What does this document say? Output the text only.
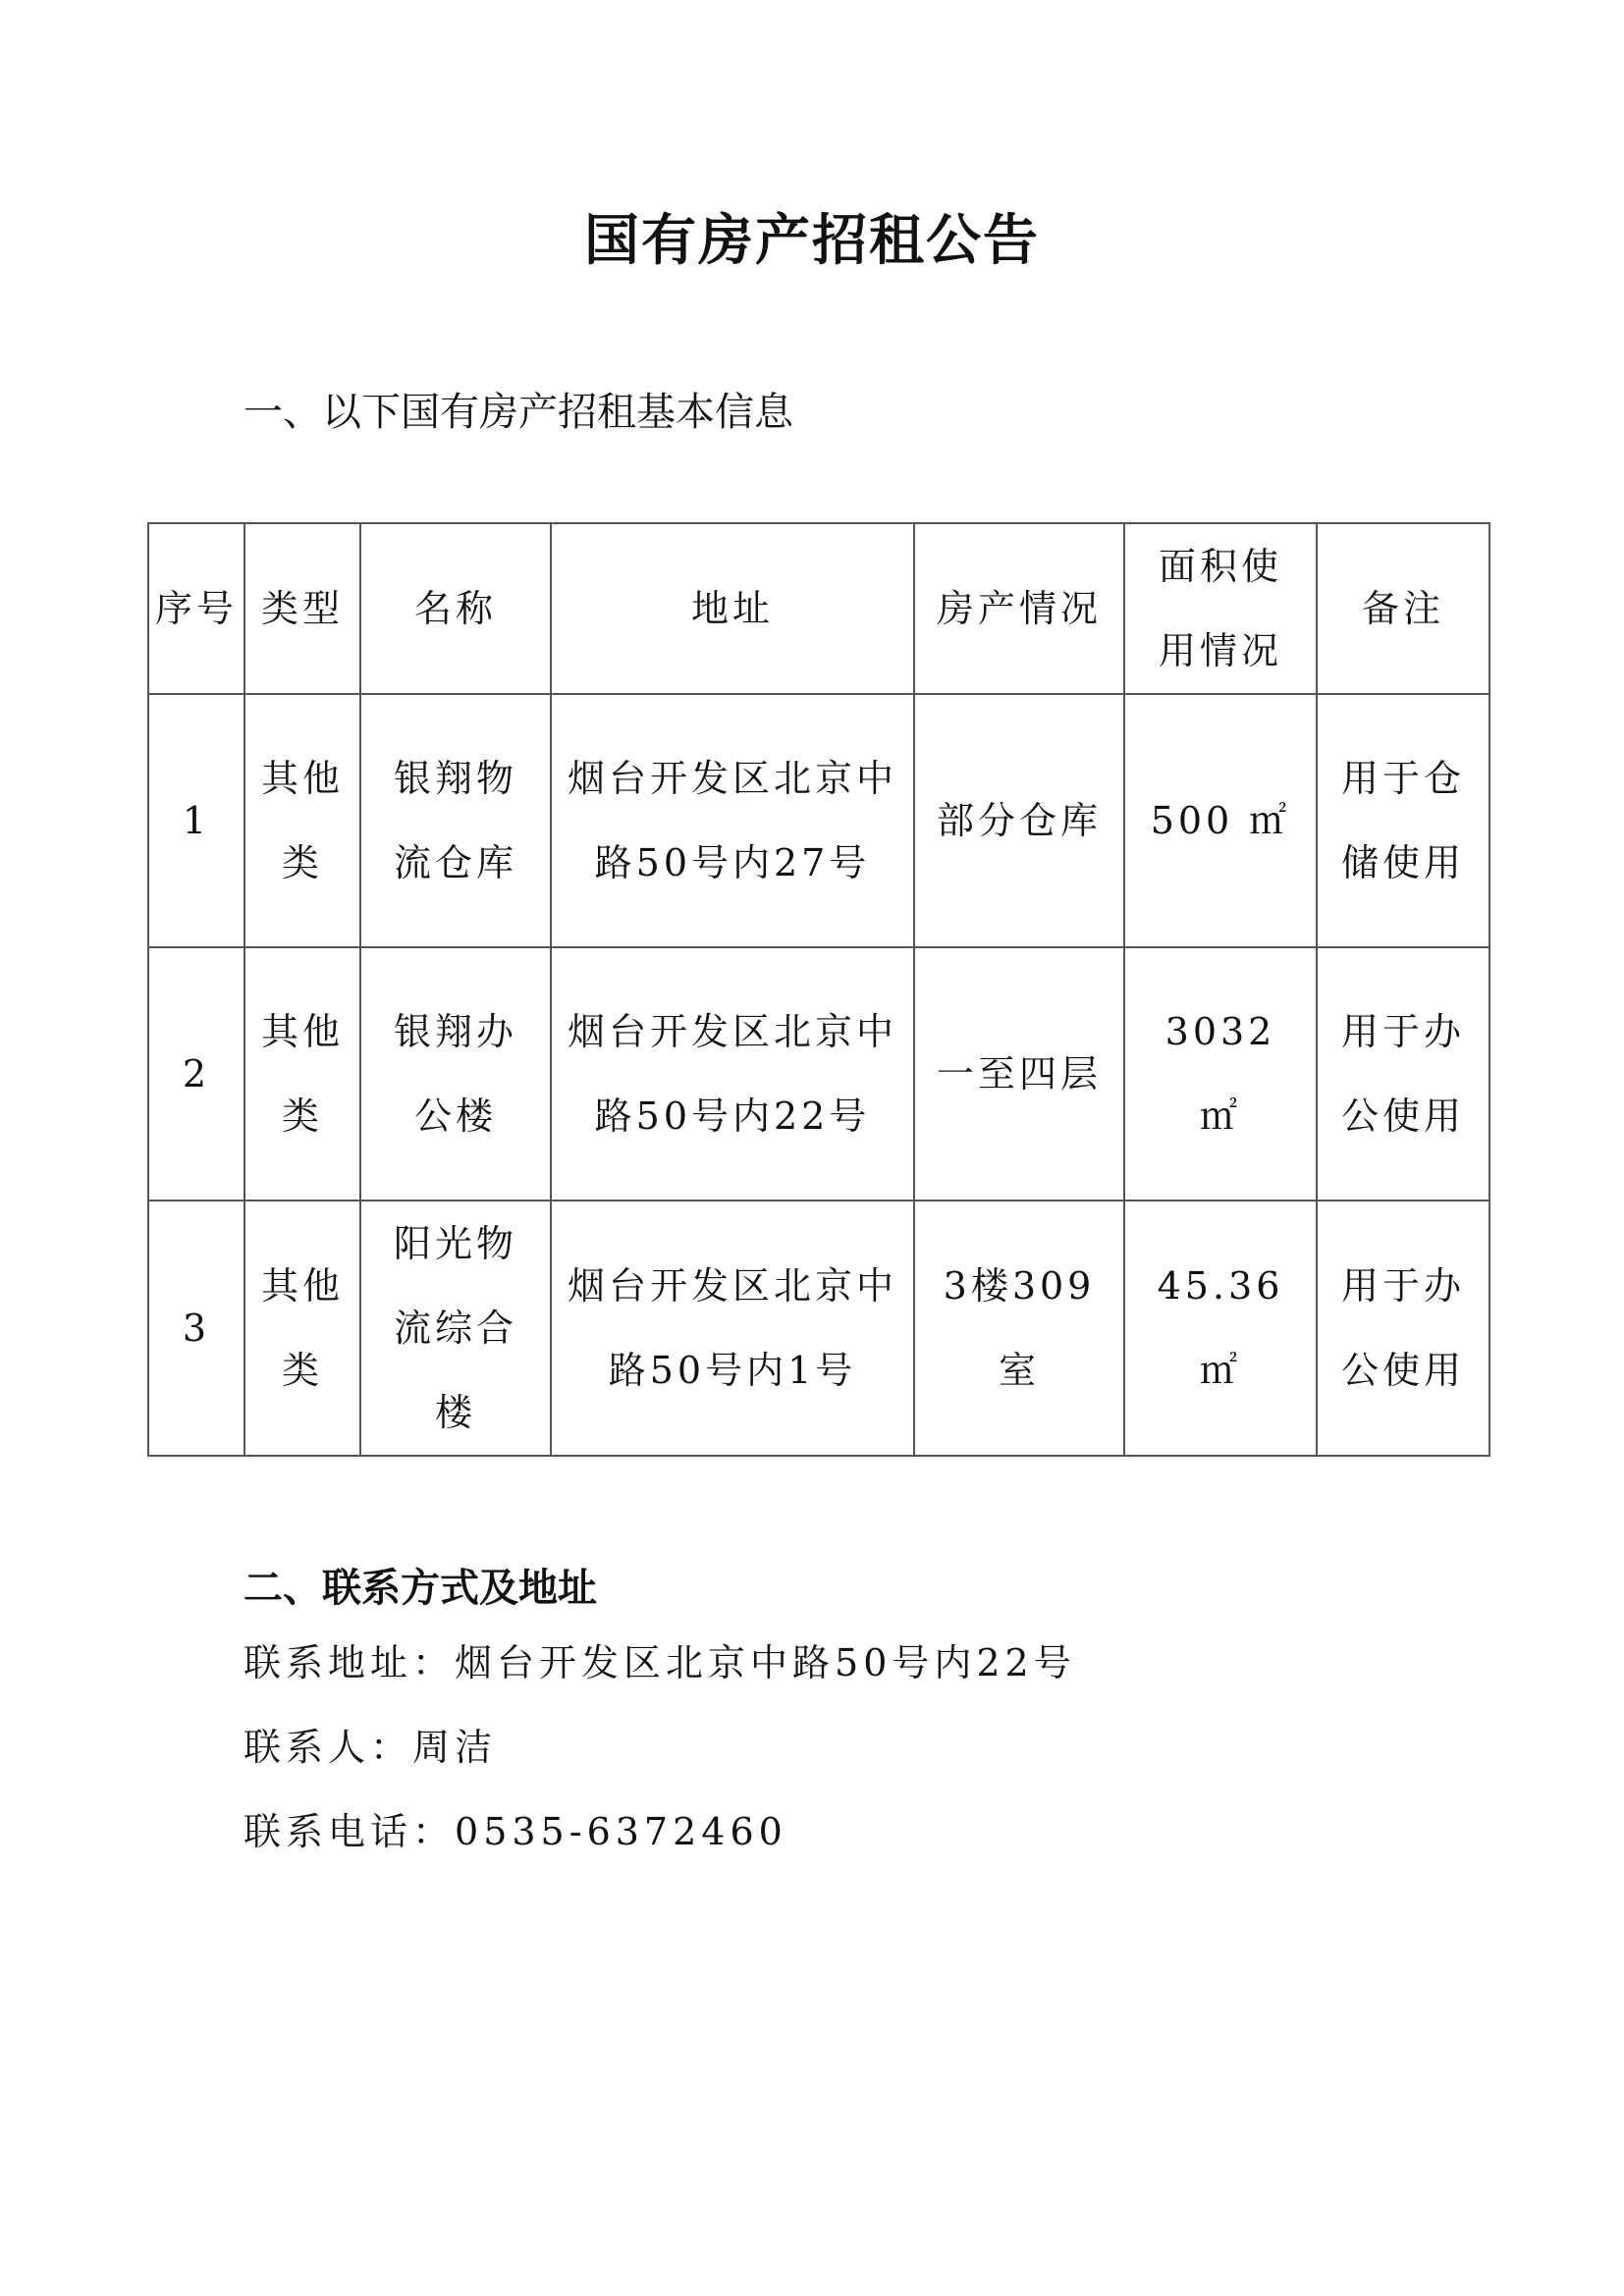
国有房产招租公告
一、以下国有房产招租基本信息
序号	类型	名称	地址	房产情况	面积使用情况	备注
1	其他类	银翔物流仓库	烟台开发区北京中路50号内27号	部分仓库	500 ㎡	用于仓储使用
2	其他类	银翔办公楼	烟台开发区北京中路50号内22号	一至四层	3032 ㎡	用于办公使用
3	其他类	阳光物流综合楼	烟台开发区北京中路50号内1号	3楼309室	45.36 ㎡	用于办公使用
二、联系方式及地址
联系地址：烟台开发区北京中路50号内22号
联系人：周洁
联系电话：0535-6372460
